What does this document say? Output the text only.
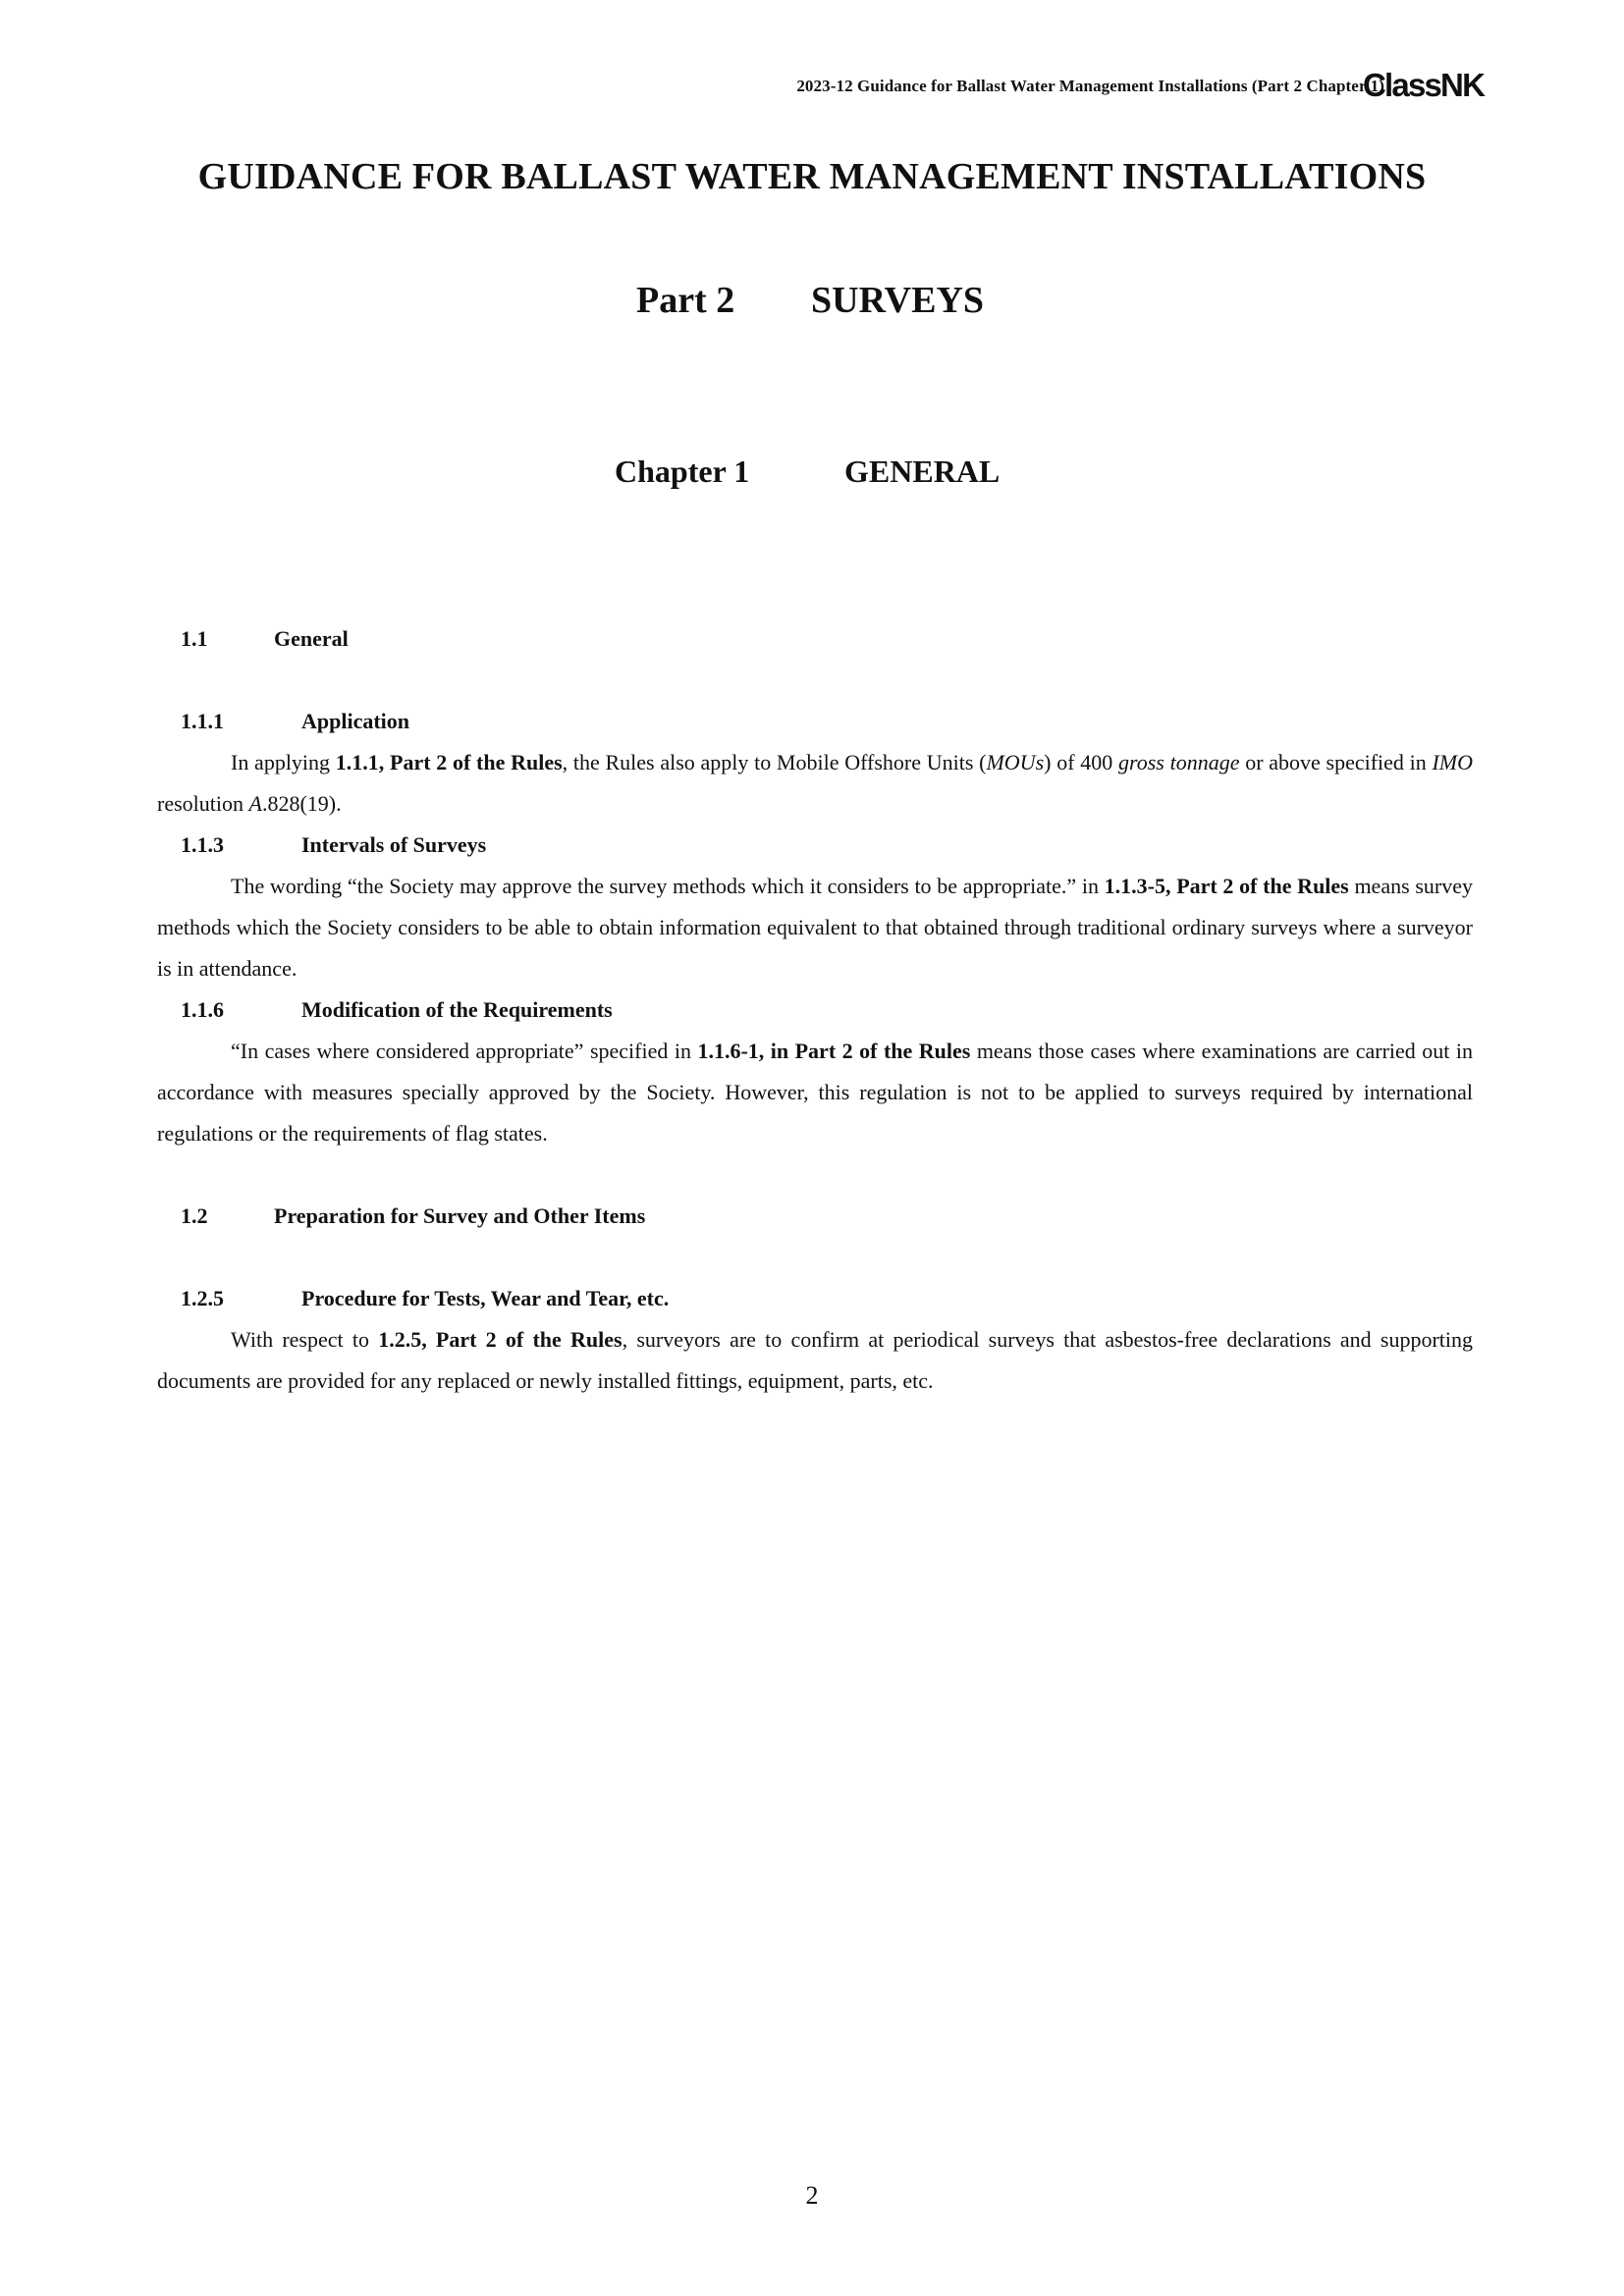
2023-12 Guidance for Ballast Water Management Installations (Part 2 Chapter 1)
ClassNK
GUIDANCE FOR BALLAST WATER MANAGEMENT INSTALLATIONS
Part 2 SURVEYS
Chapter 1	GENERAL
1.1	General
1.1.1	Application
In applying 1.1.1, Part 2 of the Rules, the Rules also apply to Mobile Offshore Units (MOUs) of 400 gross tonnage or above specified in IMO resolution A.828(19).
1.1.3	Intervals of Surveys
The wording “the Society may approve the survey methods which it considers to be appropriate.” in 1.1.3-5, Part 2 of the Rules means survey methods which the Society considers to be able to obtain information equivalent to that obtained through traditional ordinary surveys where a surveyor is in attendance.
1.1.6	Modification of the Requirements
“In cases where considered appropriate” specified in 1.1.6-1, in Part 2 of the Rules means those cases where examinations are carried out in accordance with measures specially approved by the Society. However, this regulation is not to be applied to surveys required by international regulations or the requirements of flag states.
1.2	Preparation for Survey and Other Items
1.2.5	Procedure for Tests, Wear and Tear, etc.
With respect to 1.2.5, Part 2 of the Rules, surveyors are to confirm at periodical surveys that asbestos-free declarations and supporting documents are provided for any replaced or newly installed fittings, equipment, parts, etc.
2
